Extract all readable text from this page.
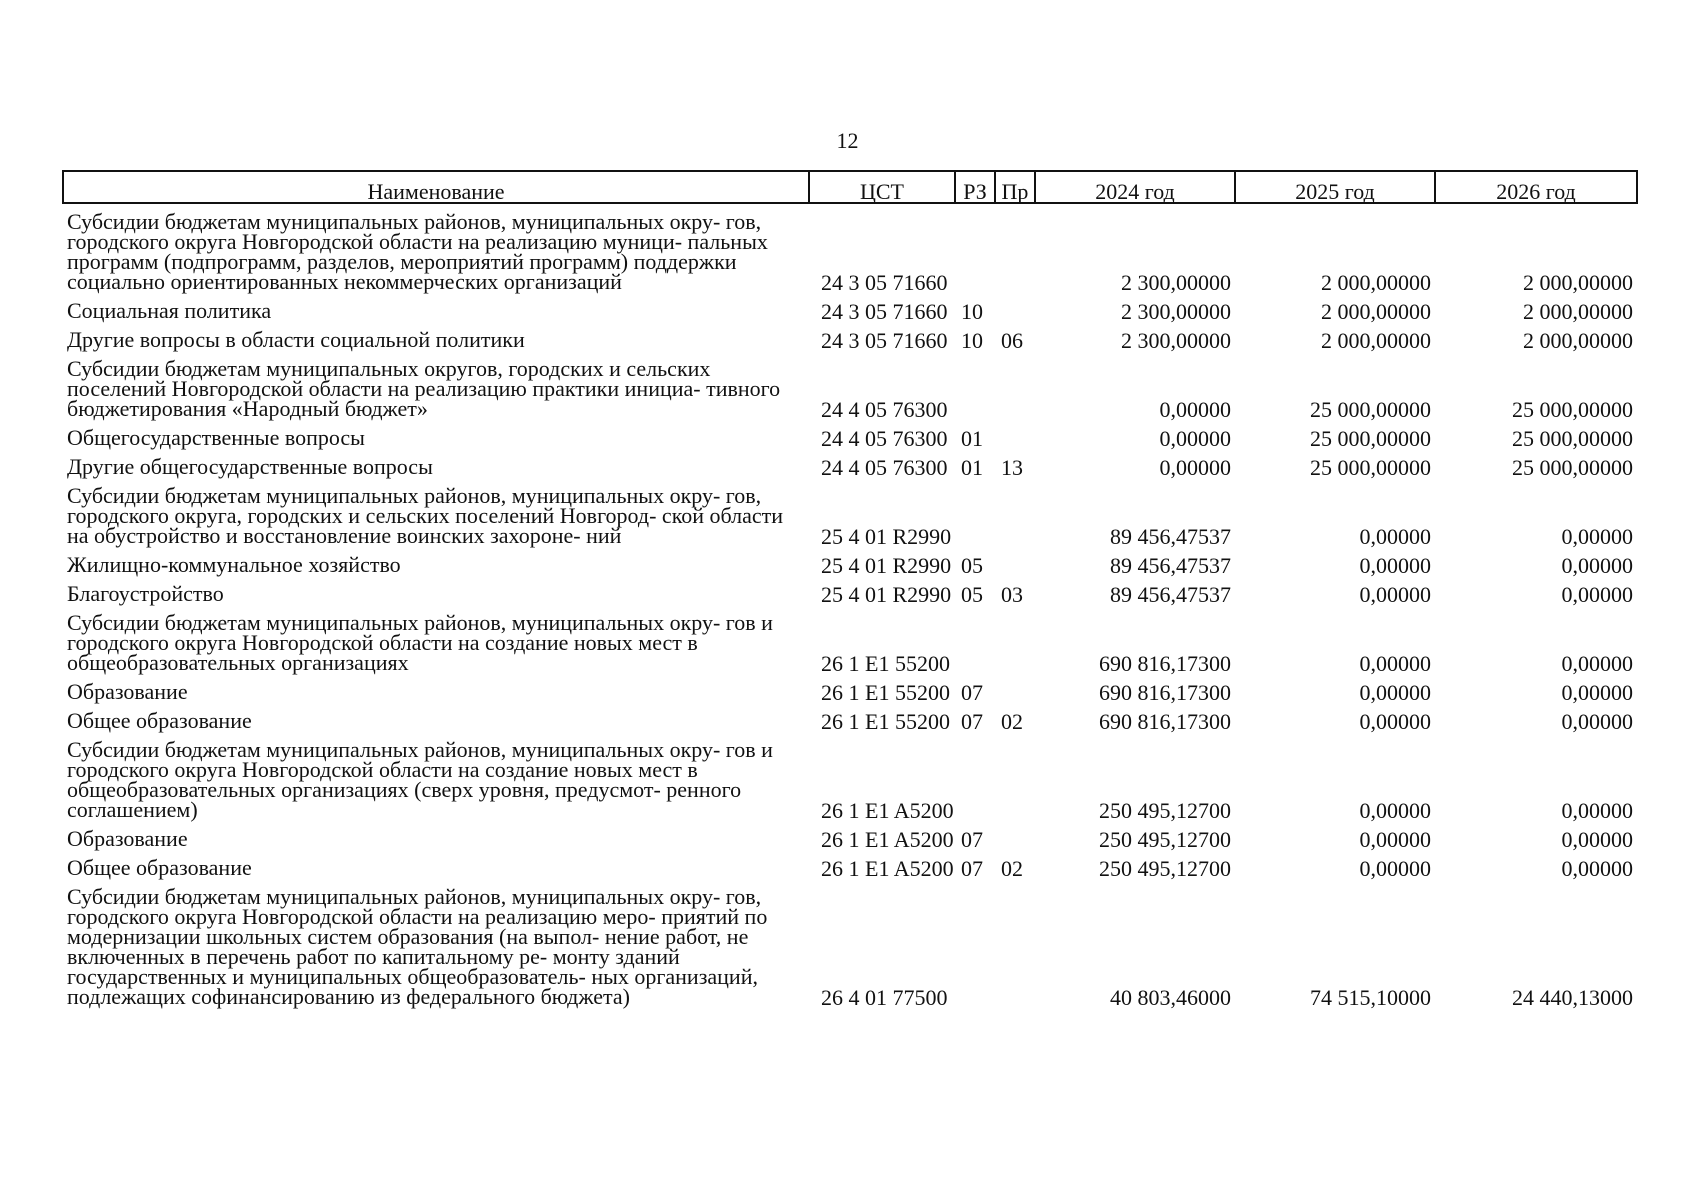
12
Наименование	ЦСТ	РЗ	Пр	2024 год	2025 год	2026 год
Субсидии бюджетам муниципальных районов, муниципальных окру- гов, городского округа Новгородской области на реализацию муници- пальных программ (подпрограмм, разделов, мероприятий программ) поддержки социально ориентированных некоммерческих организаций	24 3 05 71660			2 300,00000	2 000,00000	2 000,00000
Социальная политика	24 3 05 71660	10		2 300,00000	2 000,00000	2 000,00000
Другие вопросы в области социальной политики	24 3 05 71660	10	06	2 300,00000	2 000,00000	2 000,00000
Субсидии бюджетам муниципальных округов, городских и сельских поселений Новгородской области на реализацию практики инициа- тивного бюджетирования «Народный бюджет»	24 4 05 76300			0,00000	25 000,00000	25 000,00000
Общегосударственные вопросы	24 4 05 76300	01		0,00000	25 000,00000	25 000,00000
Другие общегосударственные вопросы	24 4 05 76300	01	13	0,00000	25 000,00000	25 000,00000
Субсидии бюджетам муниципальных районов, муниципальных окру- гов, городского округа, городских и сельских поселений Новгород- ской области на обустройство и восстановление воинских захороне- ний	25 4 01 R2990			89 456,47537	0,00000	0,00000
Жилищно-коммунальное хозяйство	25 4 01 R2990	05		89 456,47537	0,00000	0,00000
Благоустройство	25 4 01 R2990	05	03	89 456,47537	0,00000	0,00000
Субсидии бюджетам муниципальных районов, муниципальных окру- гов и городского округа Новгородской области на создание новых мест в общеобразовательных организациях	26 1 E1 55200			690 816,17300	0,00000	0,00000
Образование	26 1 E1 55200	07		690 816,17300	0,00000	0,00000
Общее образование	26 1 E1 55200	07	02	690 816,17300	0,00000	0,00000
Субсидии бюджетам муниципальных районов, муниципальных окру- гов и городского округа Новгородской области на создание новых мест в общеобразовательных организациях (сверх уровня, предусмот- ренного соглашением)	26 1 E1 A5200			250 495,12700	0,00000	0,00000
Образование	26 1 E1 A5200	07		250 495,12700	0,00000	0,00000
Общее образование	26 1 E1 A5200	07	02	250 495,12700	0,00000	0,00000
Субсидии бюджетам муниципальных районов, муниципальных окру- гов, городского округа Новгородской области на реализацию меро- приятий по модернизации школьных систем образования (на выпол- нение работ, не включенных в перечень работ по капитальному ре- монту зданий государственных и муниципальных общеобразователь- ных организаций, подлежащих софинансированию из федерального бюджета)	26 4 01 77500			40 803,46000	74 515,10000	24 440,13000
